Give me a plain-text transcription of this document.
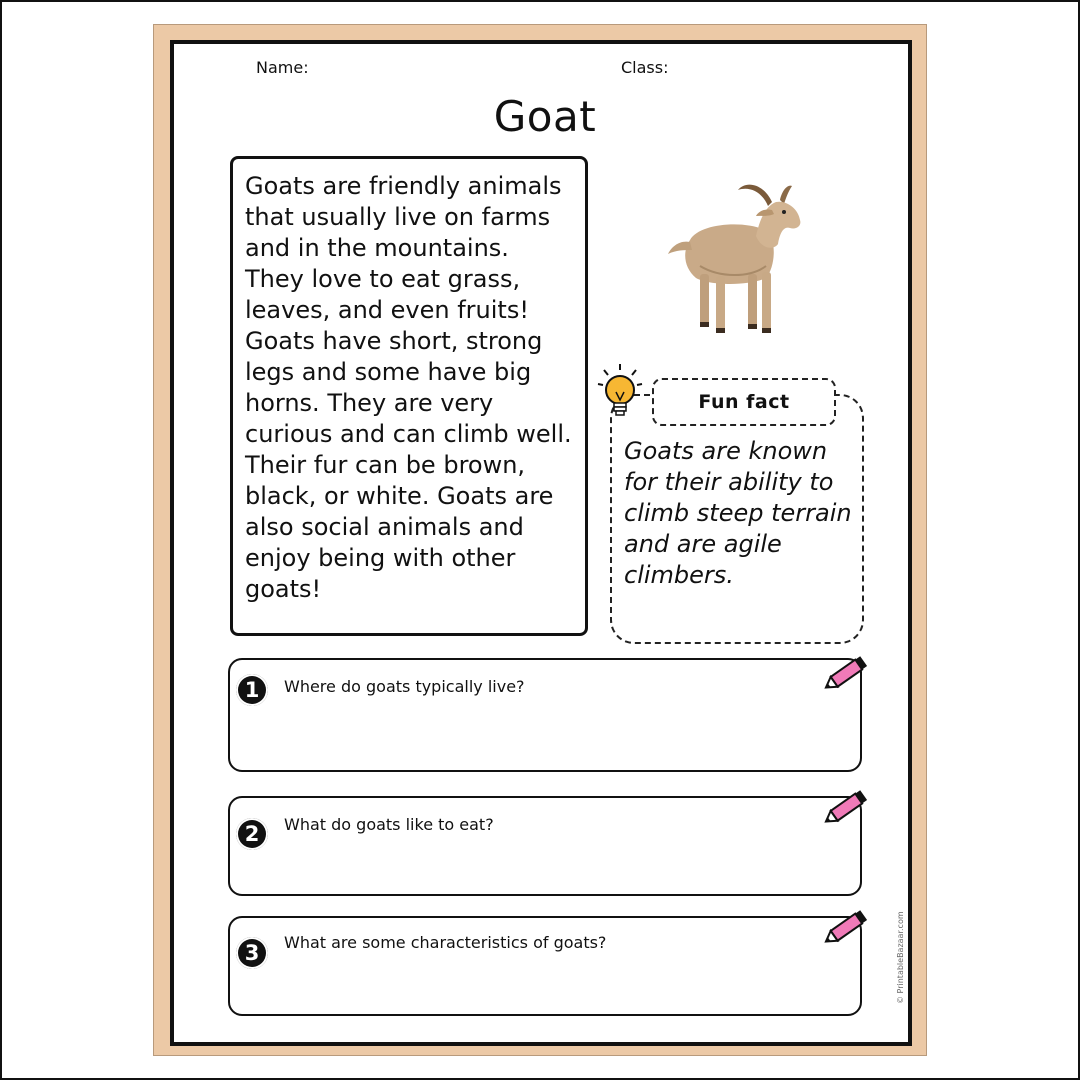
Name:	Class:
Goat

Goats are friendly animals that usually live on farms and in the mountains. They love to eat grass, leaves, and even fruits! Goats have short, strong legs and some have big horns. They are very curious and can climb well. Their fur can be brown, black, or white. Goats are also social animals and enjoy being with other goats!

Fun fact
Goats are known for their ability to climb steep terrain and are agile climbers.
1	Where do goats typically live?
2	What do goats like to eat?
3	What are some characteristics of goats?	© PrintableBazaar.com
